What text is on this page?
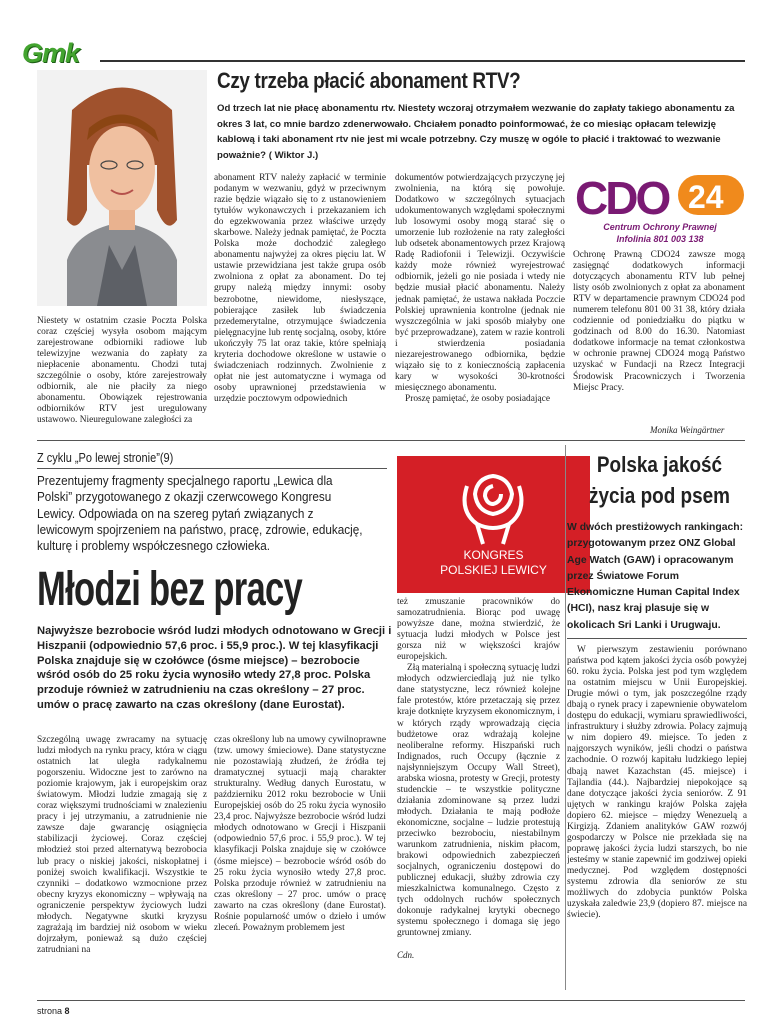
Gmk
Czy trzeba płacić abonament RTV?
Od trzech lat nie płacę abonamentu rtv. Niestety wczoraj otrzymałem wezwanie do zapłaty takiego abonamentu za okres 3 lat, co mnie bardzo zdenerwowało. Chciałem ponadto poinformować, że co miesiąc opłacam telewizję kablową i taki abonament rtv nie jest mi wcale potrzebny. Czy muszę w ogóle to płacić i traktować to wezwanie poważnie? ( Wiktor J.)

Niestety w ostatnim czasie Poczta Polska coraz częściej wysyła osobom mającym zarejestrowane odbiorniki radiowe lub telewizyjne wezwania do zapłaty za niepłacenie abonamentu. Chodzi tutaj szczególnie o osoby, które zarejestrowały odbiornik, ale nie płaciły za niego abonamentu. Obowiązek rejestrowania odbiorników RTV jest uregulowany ustawowo. Nieuregulowane zaległości za

abonament RTV należy zapłacić w terminie podanym w wezwaniu, gdyż w przeciwnym razie będzie wiązało się to z ustanowieniem tytułów wykonawczych i przekazaniem ich do egzekwowania przez właściwe urzędy skarbowe. Należy jednak pamiętać, że Poczta Polska może dochodzić zaległego abonamentu najwyżej za okres pięciu lat. W ustawie przewidziana jest także grupa osób zwolniona z opłat za abonament. Do tej grupy należą między innymi: osoby bezrobotne, niewidome, niesłyszące, pobierające zasiłek lub świadczenia przedemerytalne, otrzymujące świadczenia pielęgnacyjne lub rentę socjalną, osoby, które ukończyły 75 lat oraz takie, które spełniają kryteria dochodowe określone w ustawie o świadczeniach rodzinnych. Zwolnienie z opłat nie jest automatyczne i wymaga od osoby uprawnionej przedstawienia w urzędzie pocztowym odpowiednich

dokumentów potwierdzających przyczynę jej zwolnienia, na którą się powołuje. Dodatkowo w szczególnych sytuacjach udokumentowanych względami społecznymi lub losowymi osoby mogą starać się o umorzenie lub rozłożenie na raty zaległości lub odsetek abonamentowych przez Krajową Radę Radiofonii i Telewizji. Oczywiście każdy może również wyrejestrować odbiornik, jeżeli go nie posiada i wtedy nie będzie musiał płacić abonamentu. Należy jednak pamiętać, że ustawa nakłada Poczcie Polskiej uprawnienia kontrolne (jednak nie wyszczególnia w jaki sposób miałyby one być przeprowadzane), zatem w razie kontroli i stwierdzenia posiadania niezarejestrowanego odbiornika, będzie wiązało się to z koniecznością zapłacenia kary w wysokości 30-krotności miesięcznego abonamentu.

Proszę pamiętać, że osoby posiadające

CDO 24
Centrum Ochrony Prawnej
Infolinia 801 003 138

Ochronę Prawną CDO24 zawsze mogą zasięgnąć dodatkowych informacji dotyczących abonamentu RTV lub pełnej listy osób zwolnionych z opłat za abonament RTV w departamencie prawnym CDO24 pod numerem telefonu 801 00 31 38, który działa codziennie od poniedziałku do piątku w godzinach od 8.00 do 16.30. Natomiast dodatkowe informacje na temat członkostwa w ochronie prawnej CDO24 mogą Państwo uzyskać w Fundacji na Rzecz Integracji Środowisk Pracowniczych i Tworzenia Miejsc Pracy.

Monika Weingärtner
Z cyklu „Po lewej stronie”(9)
Prezentujemy fragmenty specjalnego raportu „Lewica dla Polski” przygotowanego z okazji czerwcowego Kongresu Lewicy. Odpowiada on na szereg pytań związanych z lewicowym spojrzeniem na państwo, pracę, zdrowie, edukację, kulturę i problemy współczesnego człowieka.
Młodzi bez pracy
Najwyższe bezrobocie wśród ludzi młodych odnotowano w Grecji i Hiszpanii (odpowiednio 57,6 proc. i 55,9 proc.). W tej klasyfikacji Polska znajduje się w czołówce (ósme miejsce) – bezrobocie wśród osób do 25 roku życia wynosiło wtedy 27,8 proc. Polska przoduje również w zatrudnieniu na czas określony – 27 proc. umów o pracę zawarto na czas określony (dane Eurostat).

Szczególną uwagę zwracamy na sytuację ludzi młodych na rynku pracy, która w ciągu ostatnich lat uległa radykalnemu pogorszeniu. Widoczne jest to zarówno na poziomie krajowym, jak i europejskim oraz światowym. Młodzi ludzie zmagają się z coraz większymi trudnościami w znalezieniu pracy i jej utrzymaniu, a zatrudnienie nie zawsze daje gwarancję osiągnięcia stabilizacji życiowej. Coraz częściej młodzież stoi przed alternatywą bezrobocia lub pracy o niskiej jakości, niskopłatnej i poniżej swoich kwalifikacji. Wszystkie te czynniki – dodatkowo wzmocnione przez obecny kryzys ekonomiczny – wpływają na ograniczenie perspektyw życiowych ludzi młodych. Negatywne skutki kryzysu zagrażają im bardziej niż osobom w wieku dojrzałym, ponieważ są dużo częściej zatrudniani na

czas określony lub na umowy cywilnoprawne (tzw. umowy śmieciowe). Dane statystyczne nie pozostawiają złudzeń, że źródła tej dramatycznej sytuacji mają charakter strukturalny. Według danych Eurostatu, w październiku 2012 roku bezrobocie w Unii Europejskiej osób do 25 roku życia wynosiło 23,4 proc. Najwyższe bezrobocie wśród ludzi młodych odnotowano w Grecji i Hiszpanii (odpowiednio 57,6 proc. i 55,9 proc.). W tej klasyfikacji Polska znajduje się w czołówce (ósme miejsce) – bezrobocie wśród osób do 25 roku życia wynosiło wtedy 27,8 proc. Polska przoduje również w zatrudnieniu na czas określony – 27 proc. umów o pracę zawarto na czas określony (dane Eurostat). Rośnie popularność umów o dzieło i umów zleceń. Poważnym problemem jest

KONGRES
POLSKIEJ LEWICY

też zmuszanie pracowników do samozatrudnienia. Biorąc pod uwagę powyższe dane, można stwierdzić, że sytuacja ludzi młodych w Polsce jest gorsza niż w większości krajów europejskich.

Złą materialną i społeczną sytuację ludzi młodych odzwierciedlają już nie tylko dane statystyczne, lecz również kolejne fale protestów, które przetaczają się przez kraje dotknięte kryzysem ekonomicznym, i w których rządy wprowadzają cięcia budżetowe oraz wdrażają kolejne neoliberalne reformy. Hiszpański ruch Indignados, ruch Occupy (łącznie z najsłynniejszym Occupy Wall Street), arabska wiosna, protesty w Grecji, protesty studenckie – te wszystkie polityczne działania zdominowane są przez ludzi młodych. Działania te mają podłoże ekonomiczne, socjalne – ludzie protestują przeciwko bezrobociu, niestabilnym warunkom zatrudnienia, niskim płacom, brakowi odpowiednich zabezpieczeń socjalnych, ograniczeniu dostępowi do publicznej edukacji, służby zdrowia czy mieszkalnictwa komunalnego. Często z tych oddolnych ruchów społecznych dokonuje radykalnej krytyki obecnego systemu społecznego i domaga się jego gruntownej zmiany.

Cdn.
Polska jakość życia pod psem
W dwóch prestiżowych rankingach: przygotowanym przez ONZ Global Age Watch (GAW) i opracowanym przez Światowe Forum Ekonomiczne Human Capital Index (HCI), nasz kraj plasuje się w okolicach Sri Lanki i Urugwaju.

W pierwszym zestawieniu porównano państwa pod kątem jakości życia osób powyżej 60. roku życia. Polska jest pod tym względem na ostatnim miejscu w Unii Europejskiej. Drugie mówi o tym, jak poszczególne rządy dbają o rynek pracy i zapewnienie obywatelom dostępu do edukacji, wymiaru sprawiedliwości, infrastruktury i służby zdrowia. Polacy zajmują w nim dopiero 49. miejsce. To jeden z najgorszych wyników, jeśli chodzi o państwa zachodnie. O rozwój kapitału ludzkiego lepiej dbają nawet Kazachstan (45. miejsce) i Tajlandia (44.). Najbardziej niepokojące są dane dotyczące jakości życia seniorów. Z 91 ujętych w rankingu krajów Polska zajęła dopiero 62. miejsce – między Wenezuelą a Kirgizją. Zdaniem analityków GAW rozwój gospodarczy w Polsce nie przekłada się na poprawę jakości życia ludzi starszych, bo nie jesteśmy w stanie zapewnić im godziwej opieki medycznej. Pod względem dostępności systemu zdrowia dla seniorów ze stu możliwych do zdobycia punktów Polska uzyskała zaledwie 23,9 (dopiero 87. miejsce na świecie).

strona 8
